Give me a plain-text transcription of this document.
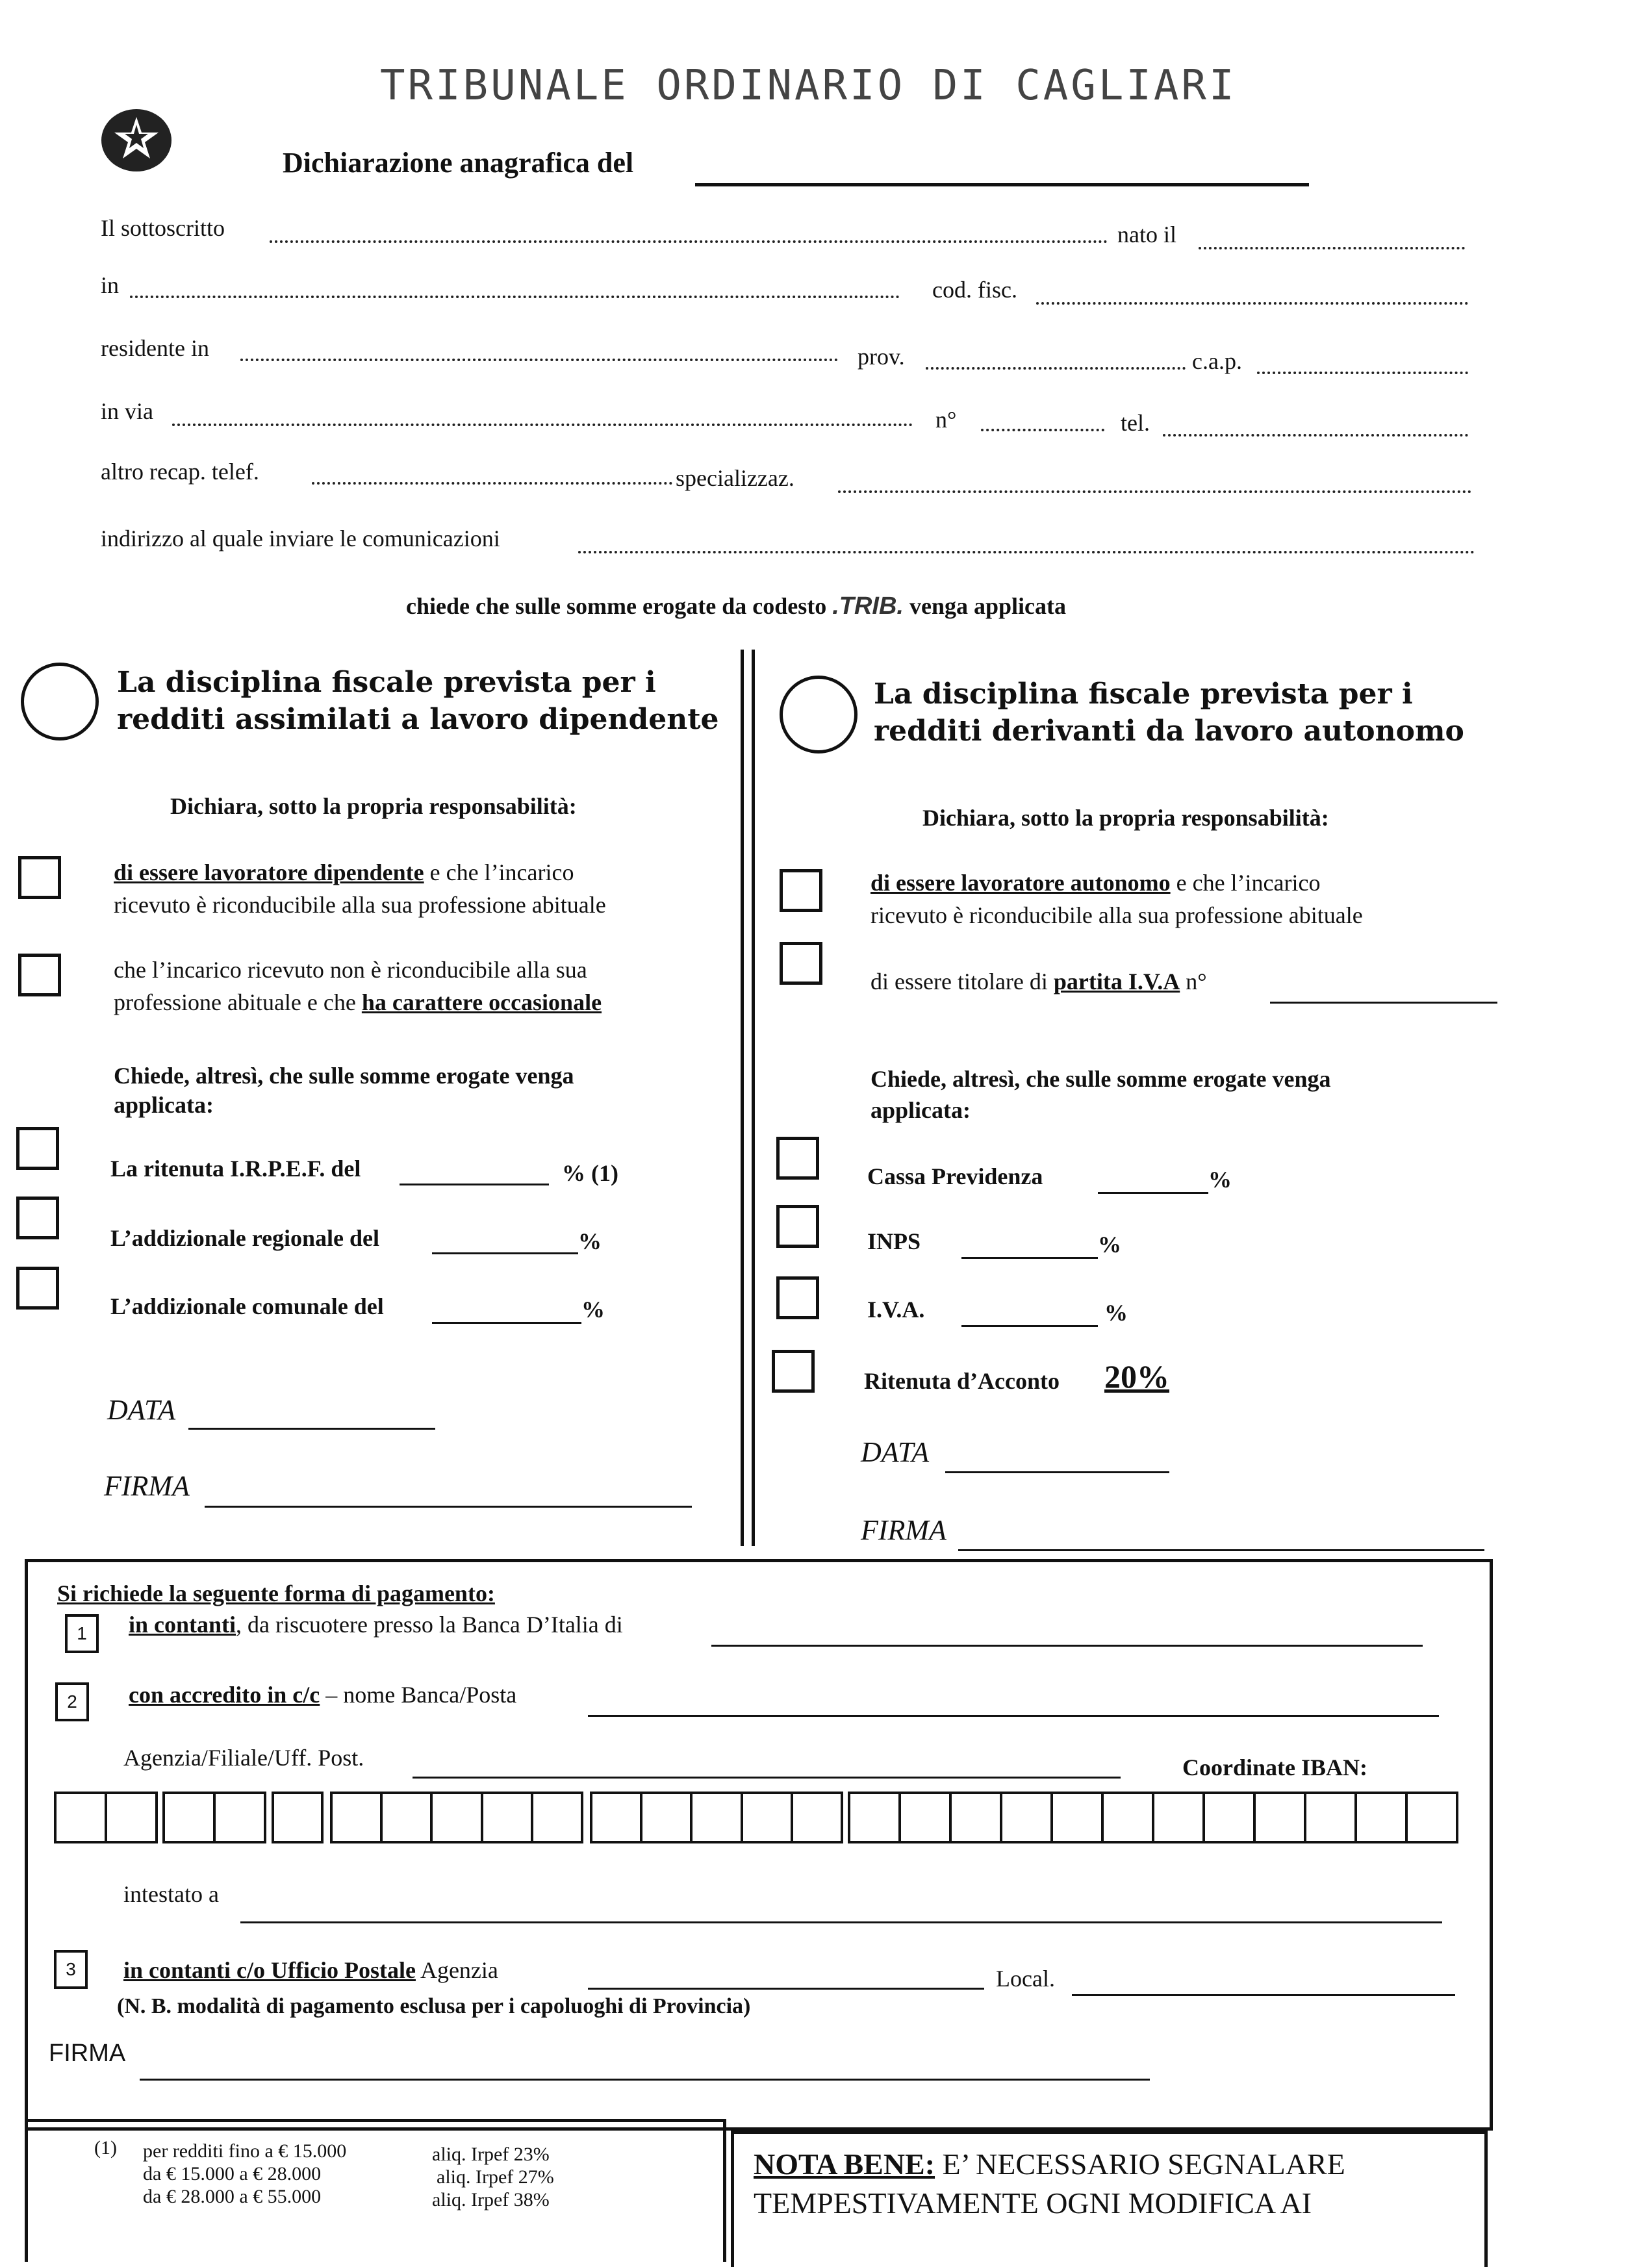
TRIBUNALE ORDINARIO DI CAGLIARI
Dichiarazione anagrafica del
Il sottoscritto	nato il
in	cod. fisc.
residente in	prov.	c.a.p.
in via	n°	tel.
altro recap. telef.	specializzaz.
indirizzo al quale inviare le comunicazioni
chiede che sulle somme erogate da codesto .TRIB. venga applicata
La disciplina fiscale prevista per i
redditi assimilati a lavoro dipendente
Dichiara, sotto la propria responsabilità:
di essere lavoratore dipendente e che l’incarico
ricevuto è riconducibile alla sua professione abituale
che l’incarico ricevuto non è riconducibile alla sua
professione abituale e che ha carattere occasionale
Chiede, altresì, che sulle somme erogate venga
applicata:
La ritenuta I.R.P.E.F. del	% (1)
L’addizionale regionale del	%
L’addizionale comunale del	%
DATA
FIRMA
La disciplina fiscale prevista per i
redditi derivanti da lavoro autonomo
Dichiara, sotto la propria responsabilità:
di essere lavoratore autonomo e che l’incarico
ricevuto è riconducibile alla sua professione abituale
di essere titolare di partita I.V.A n°
Chiede, altresì, che sulle somme erogate venga
applicata:
Cassa Previdenza	%
INPS	%
I.V.A.	%
Ritenuta d’Acconto 20%
DATA
FIRMA
Si richiede la seguente forma di pagamento:
1	in contanti, da riscuotere presso la Banca D’Italia di
2	con accredito in c/c – nome Banca/Posta
Agenzia/Filiale/Uff. Post.	Coordinate IBAN:
intestato a
3	in contanti c/o Ufficio Postale Agenzia	Local.
(N. B. modalità di pagamento esclusa per i capoluoghi di Provincia)
FIRMA
(1) per redditi fino a € 15.000	aliq. Irpef 23%
da € 15.000 a € 28.000	aliq. Irpef 27%
da € 28.000 a € 55.000	aliq. Irpef 38%
NOTA BENE: E’ NECESSARIO SEGNALARE
TEMPESTIVAMENTE OGNI MODIFICA AI
